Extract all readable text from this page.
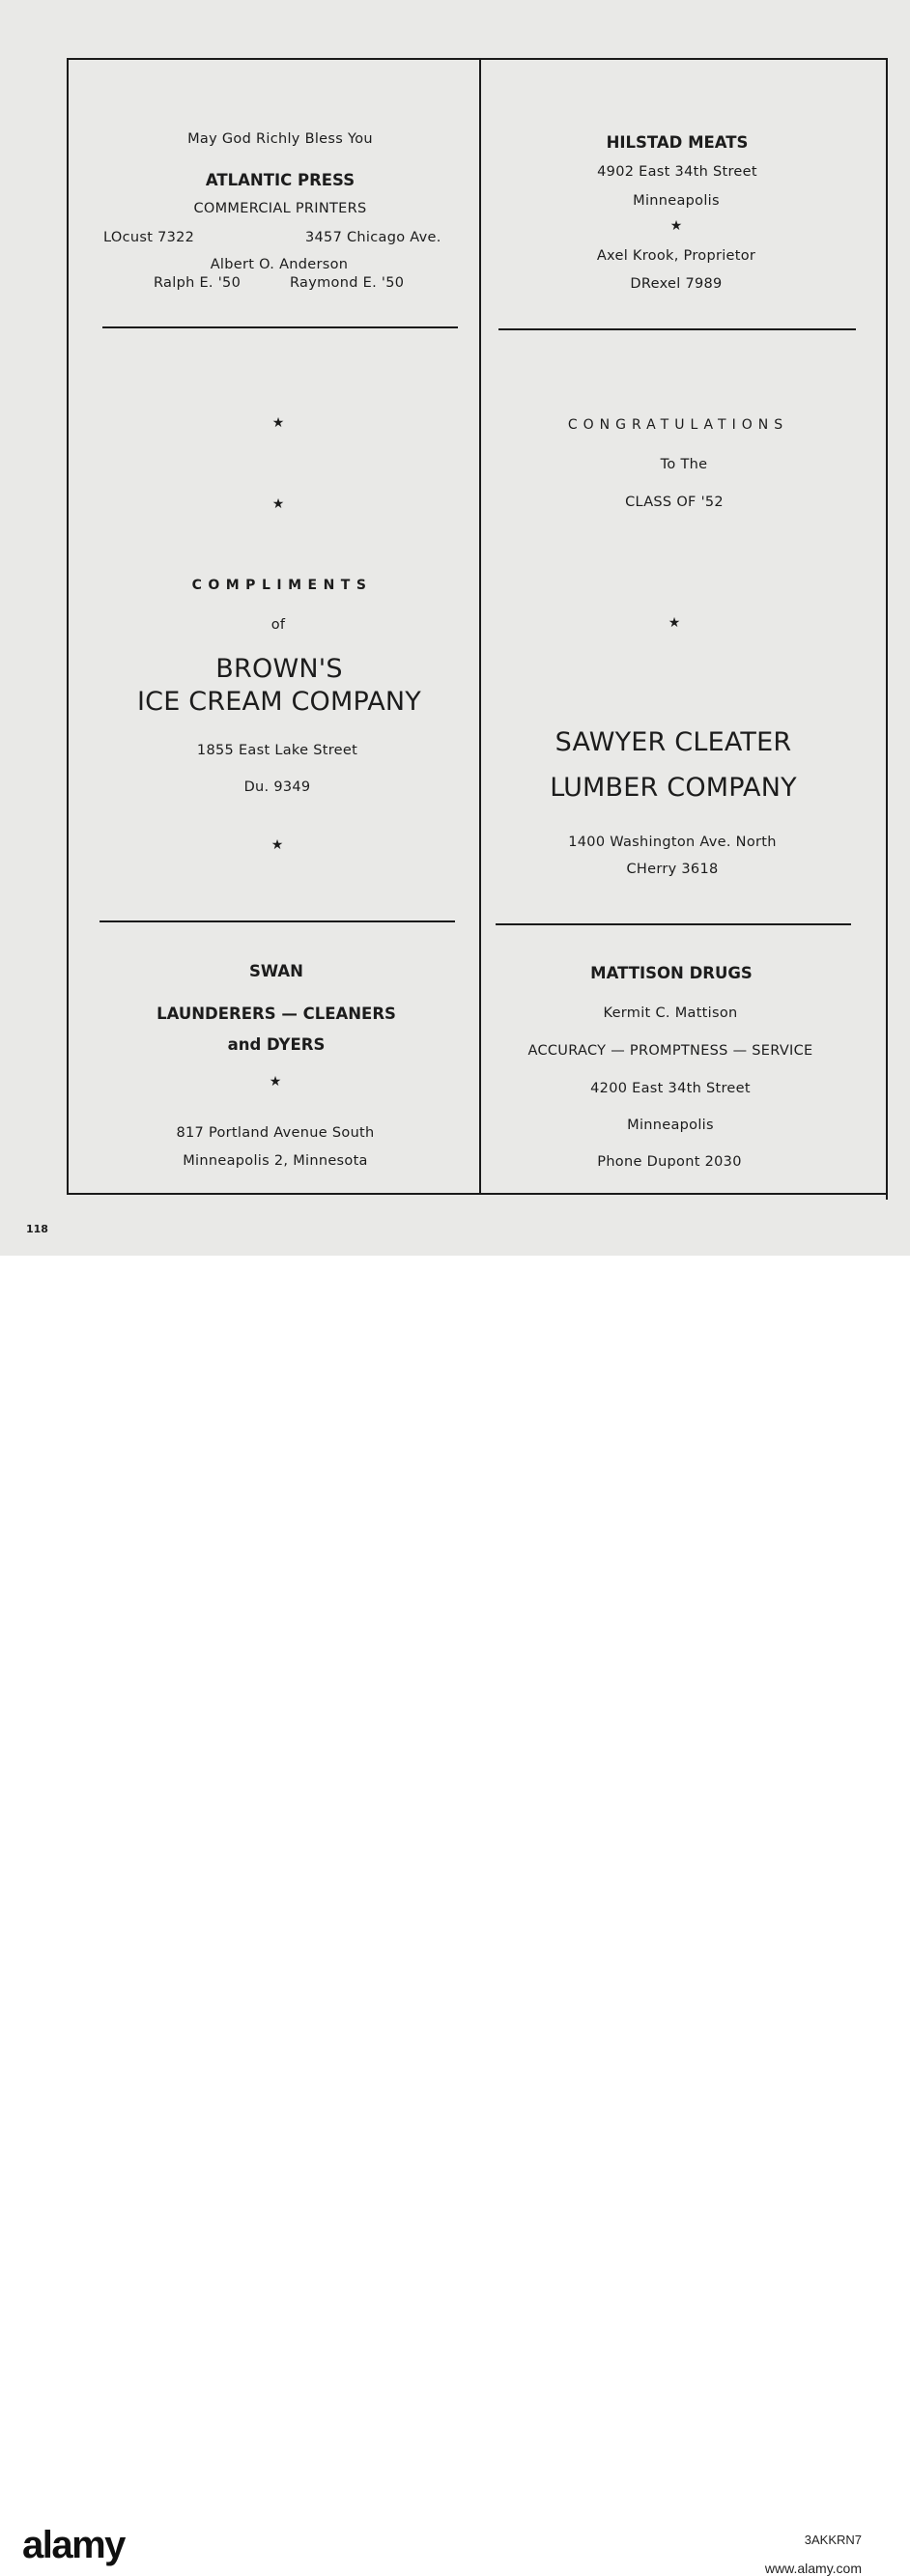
May God Richly Bless You
ATLANTIC PRESS
COMMERCIAL PRINTERS
LOcust 7322	3457 Chicago Ave.
Albert O. Anderson
Ralph E. '50	Raymond E. '50
HILSTAD MEATS
4902 East 34th Street
Minneapolis
★
Axel Krook, Proprietor
DRexel 7989
★
★
COMPLIMENTS
of
BROWN'S
ICE CREAM COMPANY
1855 East Lake Street
Du. 9349
★
CONGRATULATIONS
To The
CLASS OF '52
★
SAWYER CLEATER
LUMBER COMPANY
1400 Washington Ave. North
CHerry 3618
SWAN
LAUNDERERS — CLEANERS
and DYERS
★
817 Portland Avenue South
Minneapolis 2, Minnesota
MATTISON DRUGS
Kermit C. Mattison
ACCURACY — PROMPTNESS — SERVICE
4200 East 34th Street
Minneapolis
Phone Dupont 2030
118
alamy	3AKKRN7
www.alamy.com
